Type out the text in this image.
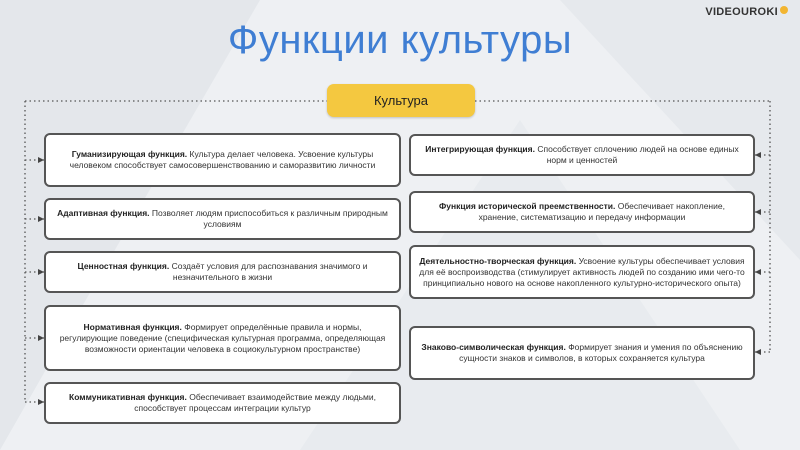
VIDEOUROKI
Функции культуры
Культура
Гуманизирующая функция. Культура делает человека. Усвоение культуры человеком способствует самосовершенствованию и саморазвитию личности
Адаптивная функция. Позволяет людям приспособиться к различным природным условиям
Ценностная функция. Создаёт условия для распознавания значимого и незначительного в жизни
Нормативная функция. Формирует определённые правила и нормы, регулирующие поведение (специфическая культурная программа, определяющая возможности ориентации человека в социокультурном пространстве)
Коммуникативная функция. Обеспечивает взаимодействие между людьми, способствует процессам интеграции культур
Интегрирующая функция. Способствует сплочению людей на основе единых норм и ценностей
Функция исторической преемственности. Обеспечивает накопление, хранение, систематизацию и передачу информации
Деятельностно-творческая функция. Усвоение культуры обеспечивает условия для её воспроизводства (стимулирует активность людей по созданию ими чего-то принципиально нового на основе накопленного культурно-исторического опыта)
Знаково-символическая функция. Формирует знания и умения по объяснению сущности знаков и символов, в которых сохраняется культура
